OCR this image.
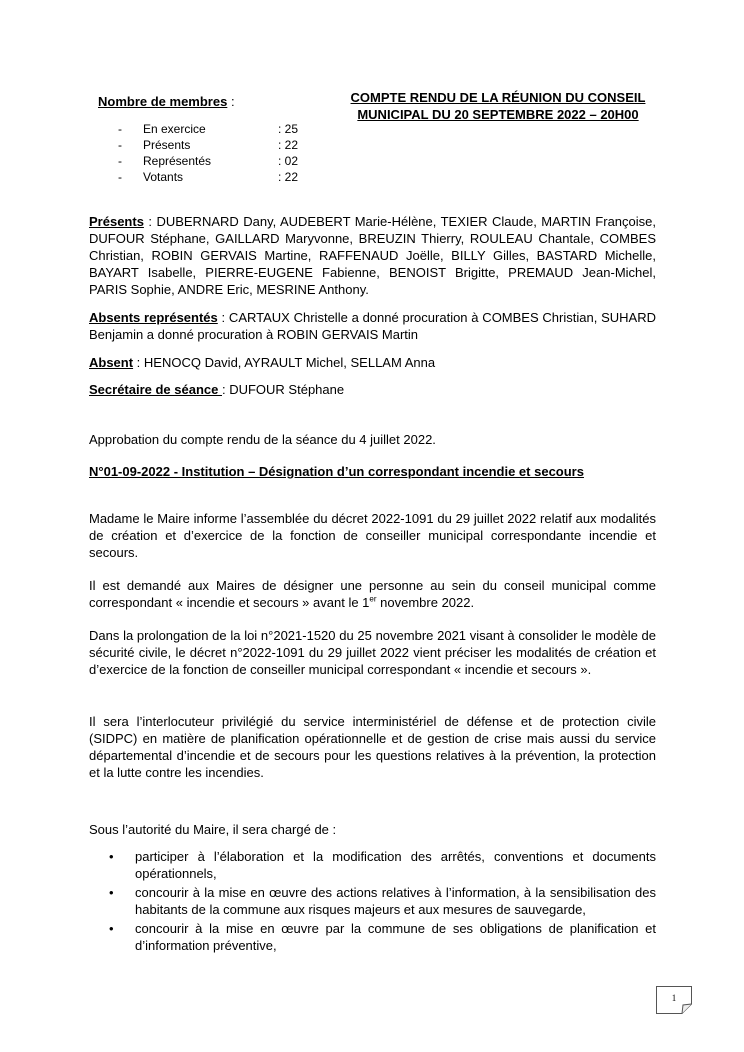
Nombre de membres :
-	En exercice	: 25
-	Présents	: 22
-	Représentés	: 02
-	Votants	: 22
COMPTE RENDU DE LA RÉUNION DU CONSEIL
MUNICIPAL DU 20 SEPTEMBRE 2022 – 20H00
Présents : DUBERNARD Dany, AUDEBERT Marie-Hélène, TEXIER Claude, MARTIN Françoise, DUFOUR Stéphane, GAILLARD Maryvonne, BREUZIN Thierry, ROULEAU Chantale, COMBES Christian, ROBIN GERVAIS Martine, RAFFENAUD Joëlle, BILLY Gilles, BASTARD Michelle, BAYART Isabelle, PIERRE-EUGENE Fabienne, BENOIST Brigitte, PREMAUD Jean-Michel, PARIS Sophie, ANDRE Eric, MESRINE Anthony.
Absents représentés : CARTAUX Christelle a donné procuration à COMBES Christian, SUHARD Benjamin a donné procuration à ROBIN GERVAIS Martin
Absent : HENOCQ David, AYRAULT Michel, SELLAM Anna
Secrétaire de séance : DUFOUR Stéphane
Approbation du compte rendu de la séance du 4 juillet 2022.
N°01-09-2022 - Institution – Désignation d’un correspondant incendie et secours
Madame le Maire informe l’assemblée du décret 2022-1091 du 29 juillet 2022 relatif aux modalités de création et d’exercice de la fonction de conseiller municipal correspondante incendie et secours.
Il est demandé aux Maires de désigner une personne au sein du conseil municipal comme correspondant « incendie et secours » avant le 1er novembre 2022.
Dans la prolongation de la loi n°2021-1520 du 25 novembre 2021 visant à consolider le modèle de sécurité civile, le décret n°2022-1091 du 29 juillet 2022 vient préciser les modalités de création et d’exercice de la fonction de conseiller municipal correspondant « incendie et secours ».
Il sera l’interlocuteur privilégié du service interministériel de défense et de protection civile (SIDPC) en matière de planification opérationnelle et de gestion de crise mais aussi du service départemental d’incendie et de secours pour les questions relatives à la prévention, la protection et la lutte contre les incendies.
Sous l’autorité du Maire, il sera chargé de :
•	participer à l’élaboration et la modification des arrêtés, conventions et documents opérationnels,
•	concourir à la mise en œuvre des actions relatives à l’information, à la sensibilisation des habitants de la commune aux risques majeurs et aux mesures de sauvegarde,
•	concourir à la mise en œuvre par la commune de ses obligations de planification et d’information préventive,
1
